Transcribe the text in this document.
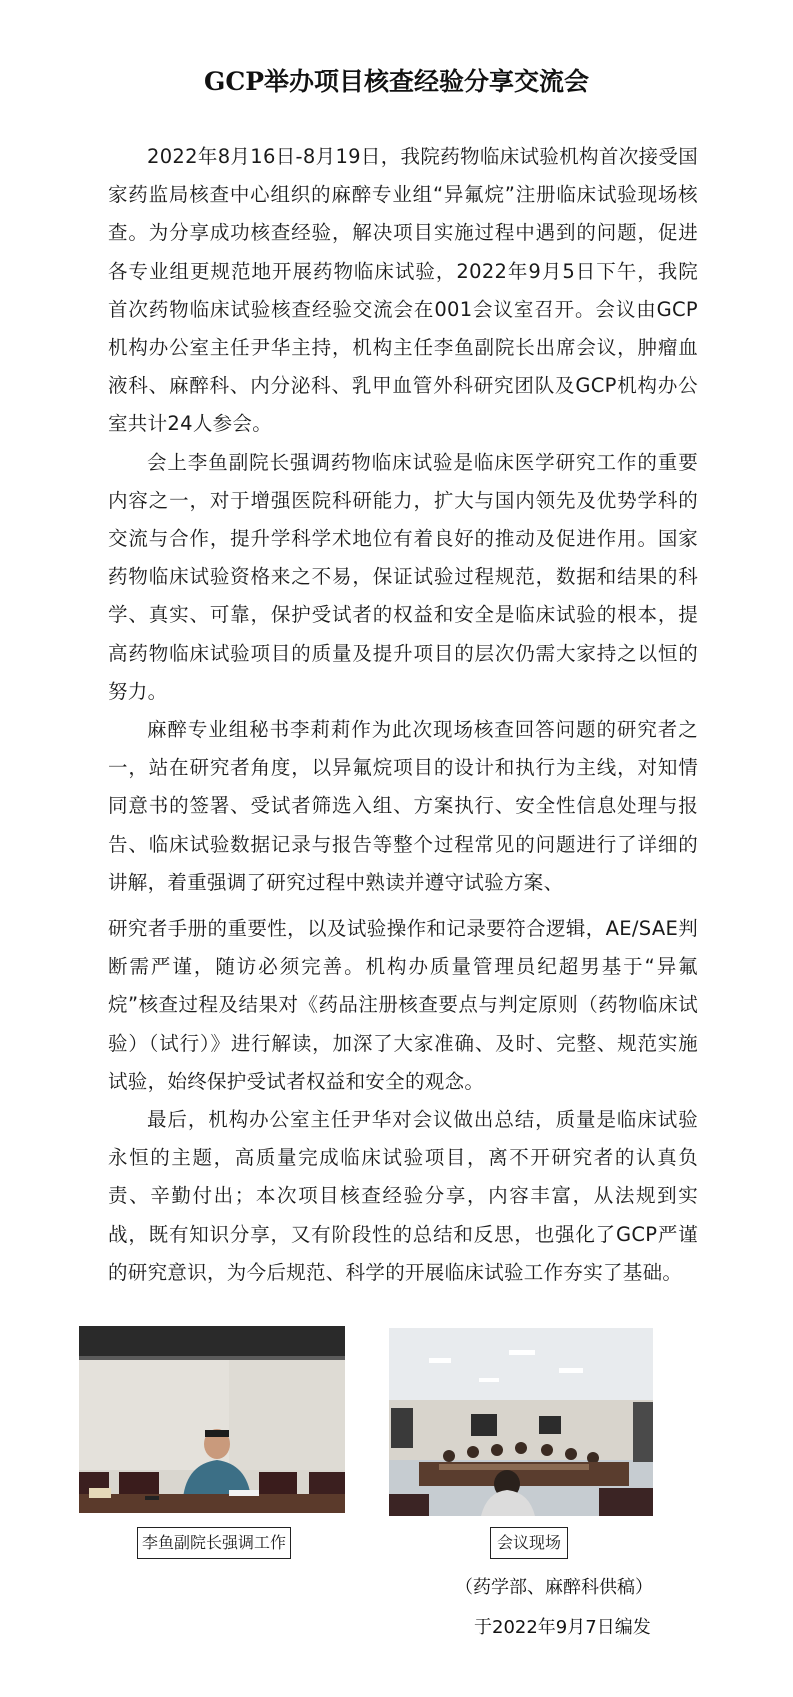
GCP举办项目核查经验分享交流会

2022年8月16日-8月19日，我院药物临床试验机构首次接受国家药监局核查中心组织的麻醉专业组“异氟烷”注册临床试验现场核查。为分享成功核查经验，解决项目实施过程中遇到的问题，促进各专业组更规范地开展药物临床试验，2022年9月5日下午，我院首次药物临床试验核查经验交流会在001会议室召开。会议由GCP机构办公室主任尹华主持，机构主任李鱼副院长出席会议，肿瘤血液科、麻醉科、内分泌科、乳甲血管外科研究团队及GCP机构办公室共计24人参会。

会上李鱼副院长强调药物临床试验是临床医学研究工作的重要内容之一，对于增强医院科研能力，扩大与国内领先及优势学科的交流与合作，提升学科学术地位有着良好的推动及促进作用。国家药物临床试验资格来之不易，保证试验过程规范，数据和结果的科学、真实、可靠，保护受试者的权益和安全是临床试验的根本，提高药物临床试验项目的质量及提升项目的层次仍需大家持之以恒的努力。

麻醉专业组秘书李莉莉作为此次现场核查回答问题的研究者之一，站在研究者角度，以异氟烷项目的设计和执行为主线，对知情同意书的签署、受试者筛选入组、方案执行、安全性信息处理与报告、临床试验数据记录与报告等整个过程常见的问题进行了详细的讲解，着重强调了研究过程中熟读并遵守试验方案、

研究者手册的重要性，以及试验操作和记录要符合逻辑，AE/SAE判断需严谨，随访必须完善。机构办质量管理员纪超男基于“异氟烷”核查过程及结果对《药品注册核查要点与判定原则（药物临床试验）（试行）》进行解读，加深了大家准确、及时、完整、规范实施试验，始终保护受试者权益和安全的观念。

最后，机构办公室主任尹华对会议做出总结，质量是临床试验永恒的主题，高质量完成临床试验项目，离不开研究者的认真负责、辛勤付出；本次项目核查经验分享，内容丰富，从法规到实战，既有知识分享，又有阶段性的总结和反思，也强化了GCP严谨的研究意识，为今后规范、科学的开展临床试验工作夯实了基础。

李鱼副院长强调工作	会议现场
（药学部、麻醉科供稿）
于2022年9月7日编发
